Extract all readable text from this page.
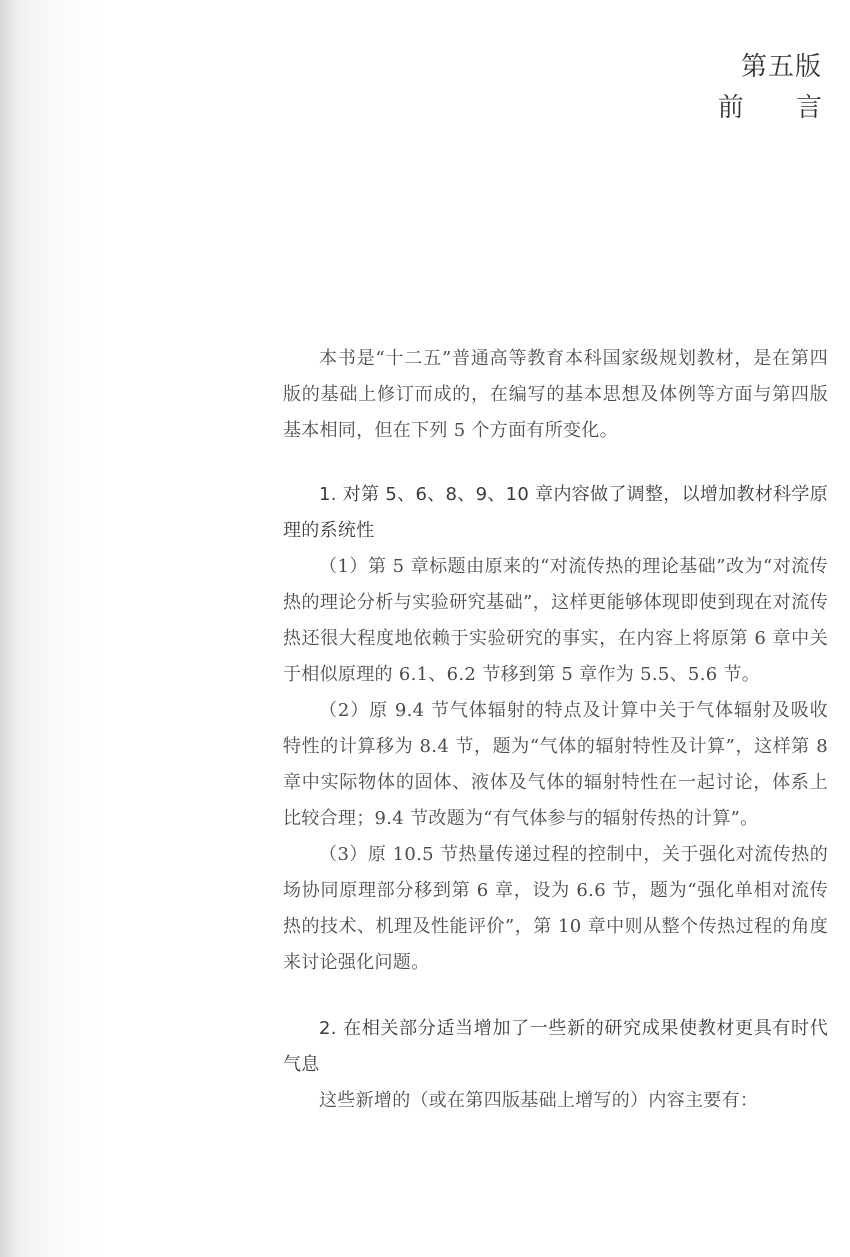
第五版
前 言

本书是“十二五”普通高等教育本科国家级规划教材，是在第四版的基础上修订而成的，在编写的基本思想及体例等方面与第四版基本相同，但在下列 5 个方面有所变化。

1. 对第 5、6、8、9、10 章内容做了调整，以增加教材科学原理的系统性

（1）第 5 章标题由原来的“对流传热的理论基础”改为“对流传热的理论分析与实验研究基础”，这样更能够体现即使到现在对流传热还很大程度地依赖于实验研究的事实，在内容上将原第 6 章中关于相似原理的 6.1、6.2 节移到第 5 章作为 5.5、5.6 节。

（2）原 9.4 节气体辐射的特点及计算中关于气体辐射及吸收特性的计算移为 8.4 节，题为“气体的辐射特性及计算”，这样第 8 章中实际物体的固体、液体及气体的辐射特性在一起讨论，体系上比较合理；9.4 节改题为“有气体参与的辐射传热的计算”。

（3）原 10.5 节热量传递过程的控制中，关于强化对流传热的场协同原理部分移到第 6 章，设为 6.6 节，题为“强化单相对流传热的技术、机理及性能评价”，第 10 章中则从整个传热过程的角度来讨论强化问题。

2. 在相关部分适当增加了一些新的研究成果使教材更具有时代气息

这些新增的（或在第四版基础上增写的）内容主要有：
